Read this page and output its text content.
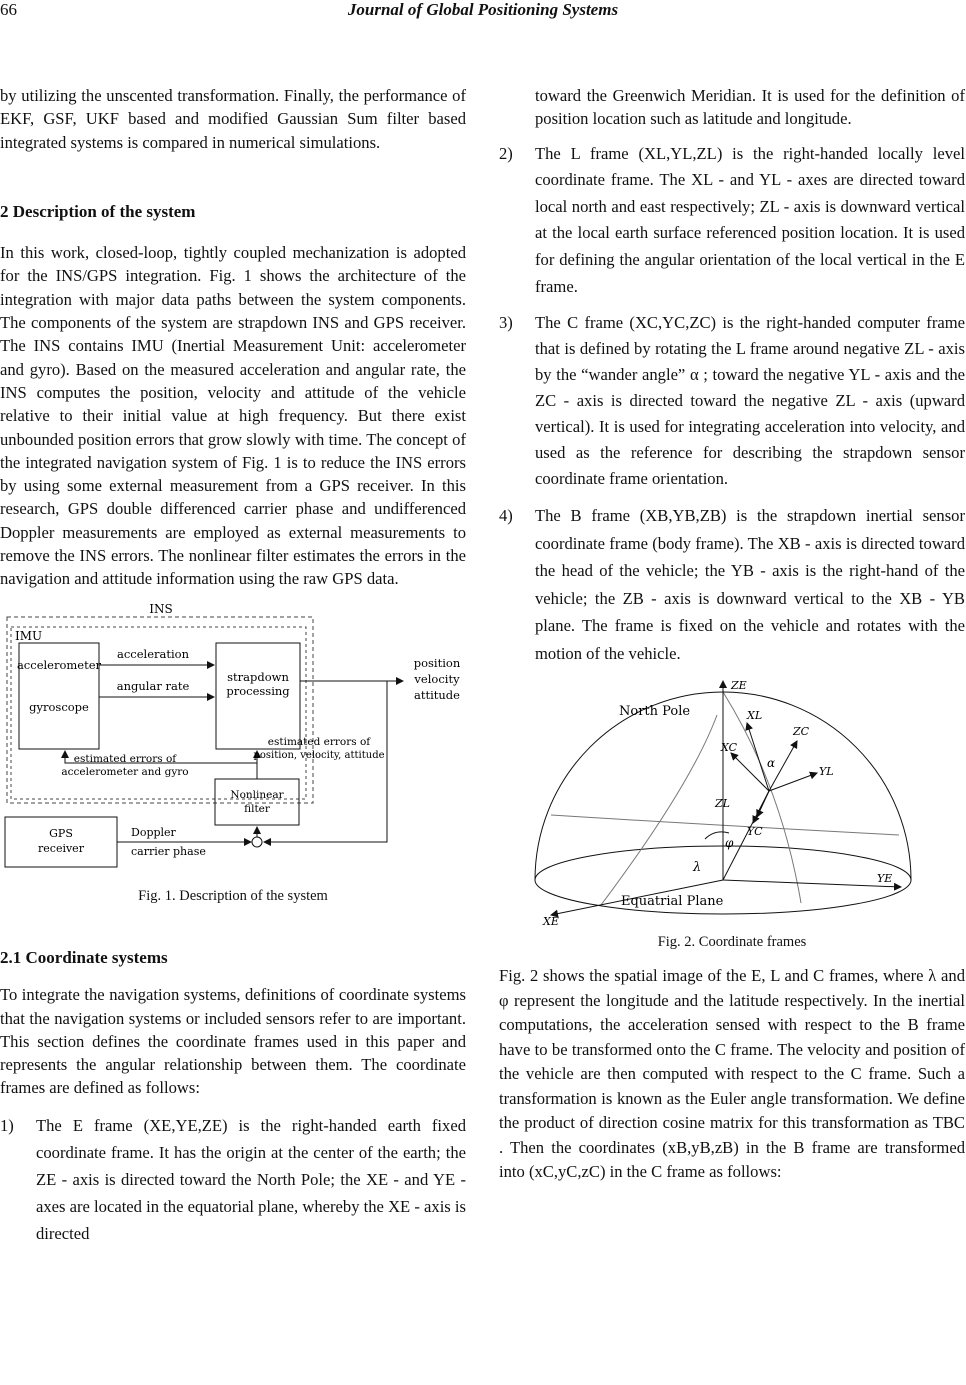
66	Journal of Global Positioning Systems

by utilizing the unscented transformation. Finally, the performance of EKF, GSF, UKF based and modified Gaussian Sum filter based integrated systems is compared in numerical simulations.

2 Description of the system

In this work, closed-loop, tightly coupled mechanization is adopted for the INS/GPS integration. Fig. 1 shows the architecture of the integration with major data paths between the system components. The components of the system are strapdown INS and GPS receiver. The INS contains IMU (Inertial Measurement Unit: accelerometer and gyro). Based on the measured acceleration and angular rate, the INS computes the position, velocity and attitude of the vehicle relative to their initial value at high frequency. But there exist unbounded position errors that grow slowly with time. The concept of the integrated navigation system of Fig. 1 is to reduce the INS errors by using some external measurement from a GPS receiver. In this research, GPS double differenced carrier phase and undifferenced Doppler measurements are employed as external measurements to remove the INS errors. The nonlinear filter estimates the errors in the navigation and attitude information using the raw GPS data.

INS
IMU
accelerometer
gyroscope
strapdown
processing
acceleration
angular rate
position
velocity
attitude
Nonlinear
filter
estimated errors of
position, velocity, attitude
estimated errors of
accelerometer and gyro
GPS
receiver
Doppler
carrier phase

Fig. 1. Description of the system

2.1 Coordinate systems

To integrate the navigation systems, definitions of coordinate systems that the navigation systems or included sensors refer to are important. This section defines the coordinate frames used in this paper and represents the angular relationship between them. The coordinate frames are defined as follows:

1) The E frame (XE,YE,ZE) is the right-handed earth fixed coordinate frame. It has the origin at the center of the earth; the ZE - axis is directed toward the North Pole; the XE - and YE - axes are located in the equatorial plane, whereby the XE - axis is directed

toward the Greenwich Meridian. It is used for the definition of position location such as latitude and longitude.

2) The L frame (XL,YL,ZL) is the right-handed locally level coordinate frame. The XL - and YL - axes are directed toward local north and east respectively; ZL - axis is downward vertical at the local earth surface referenced position location. It is used for defining the angular orientation of the local vertical in the E frame.

3) The C frame (XC,YC,ZC) is the right-handed computer frame that is defined by rotating the L frame around negative ZL - axis by the “wander angle” α ; toward the negative YL - axis and the ZC - axis is directed toward the negative ZL - axis (upward vertical). It is used for integrating acceleration into velocity, and used as the reference for describing the strapdown sensor coordinate frame orientation.

4) The B frame (XB,YB,ZB) is the strapdown inertial sensor coordinate frame (body frame). The XB - axis is directed toward the head of the vehicle; the YB - axis is the right-hand of the vehicle; the ZB - axis is downward vertical to the XB - YB plane. The frame is fixed on the vehicle and rotates with the motion of the vehicle.

ZE
XE
YE
North Pole
Equatrial Plane
XL
XC
ZC
α
YL
ZL
YC
φ
λ

Fig. 2. Coordinate frames

Fig. 2 shows the spatial image of the E, L and C frames, where λ and φ represent the longitude and the latitude respectively. In the inertial computations, the acceleration sensed with respect to the B frame have to be transformed onto the C frame. The velocity and position of the vehicle are then computed with respect to the C frame. Such a transformation is known as the Euler angle transformation. We define the product of direction cosine matrix for this transformation as TBC . Then the coordinates (xB,yB,zB) in the B frame are transformed into (xC,yC,zC) in the C frame as follows:
